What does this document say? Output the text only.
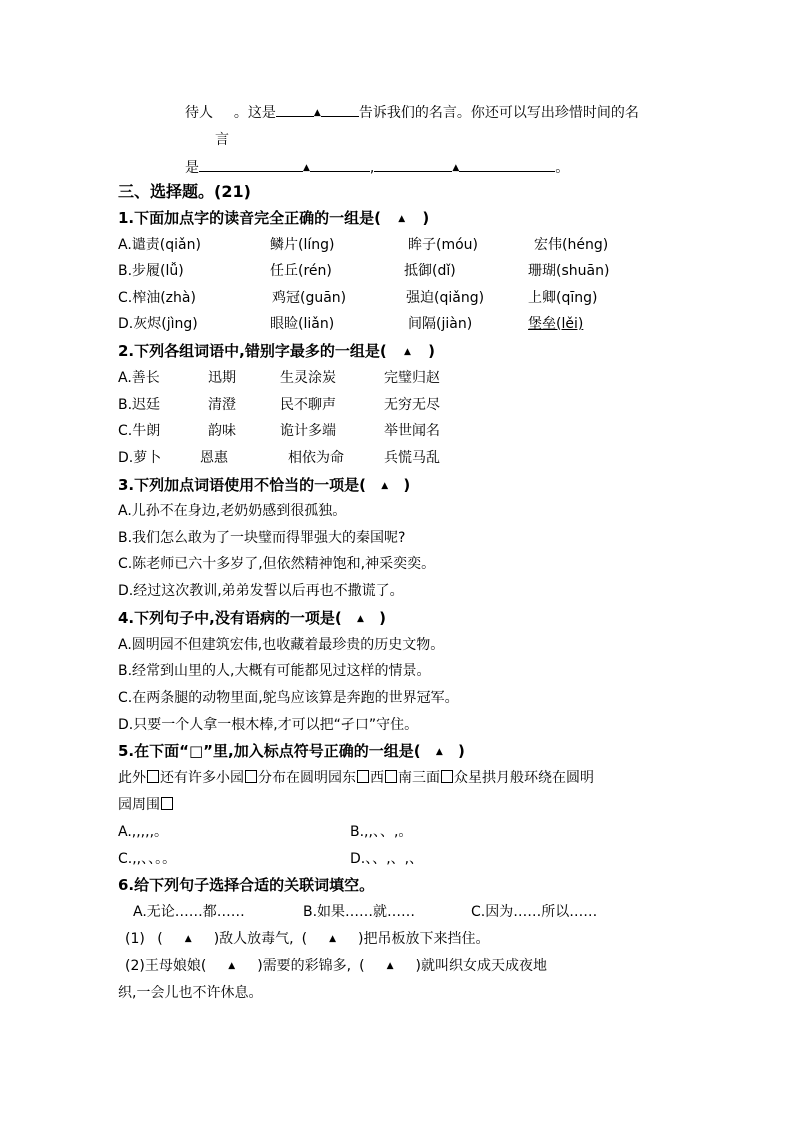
待人 。这是	▲	告诉我们的名言。你还可以写出珍惜时间的名
言
是	▲	,	▲	。
三、选择题。(21)
1.下面加点字的读音完全正确的一组是( ▲ )
A.谴责(qiǎn)	鳞片(líng)	眸子(móu)	宏伟(héng)
B.步履(lǚ)	任丘(rén)	抵御(dǐ)	珊瑚(shuān)
C.榨油(zhà)	鸡冠(guān)	强迫(qiǎng)	上卿(qīng)
D.灰烬(jìng)	眼睑(liǎn)	间隔(jiàn)	堡垒(lěi)
2.下列各组词语中,错别字最多的一组是( ▲ )
A.善长	迅期	生灵涂炭	完璧归赵
B.迟廷	清澄	民不聊声	无穷无尽
C.牛朗	韵味	诡计多端	举世闻名
D.萝卜	恩惠	相依为命	兵慌马乱
3.下列加点词语使用不恰当的一项是( ▲ )
A.儿孙不在身边,老奶奶感到很孤独。
B.我们怎么敢为了一块璧而得罪强大的秦国呢?
C.陈老师已六十多岁了,但依然精神饱和,神采奕奕。
D.经过这次教训,弟弟发誓以后再也不撒谎了。
4.下列句子中,没有语病的一项是( ▲ )
A.圆明园不但建筑宏伟,也收藏着最珍贵的历史文物。
B.经常到山里的人,大概有可能都见过这样的情景。
C.在两条腿的动物里面,鸵鸟应该算是奔跑的世界冠军。
D.只要一个人拿一根木棒,才可以把“孑口”守住。
5.在下面“□”里,加入标点符号正确的一组是( ▲ )
此外 还有许多小园 分布在圆明园东 西 南三面 众星拱月般环绕在圆明
园周围
A.,,,,,。	B.,,、、,。
C.,,、、。。	D.、、,、,、
6.给下列句子选择合适的关联词填空。
A.无论……都……	B.如果……就……	C.因为……所以……
(1) ( ▲ )敌人放毒气, ( ▲ )把吊板放下来挡住。
(2)王母娘娘( ▲ )需要的彩锦多, ( ▲ )就叫织女成天成夜地
织,一会儿也不许休息。
